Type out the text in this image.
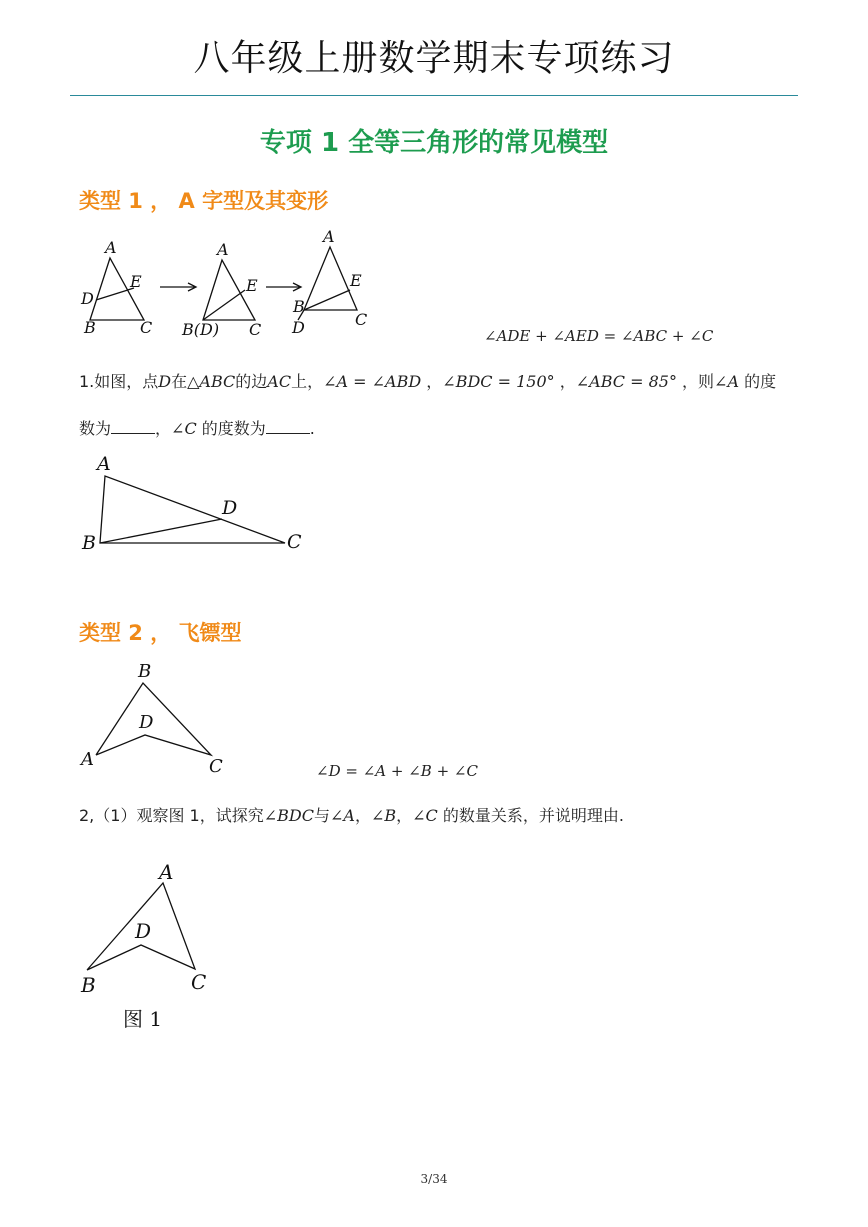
八年级上册数学期末专项练习
专项 1 全等三角形的常见模型
类型 1 ， A 字型及其变形
A
E
D
B	C
A
E
B(D) C
A
E
B
D	C
∠ADE + ∠AED = ∠ABC + ∠C
1.如图，点D在△ABC的边AC上，∠A = ∠ABD ，∠BDC = 150° ，∠ABC = 85° ，则∠A 的度
数为	，∠C 的度数为	.
A
B	C
D
类型 2 ， 飞镖型
B
D
A	C	∠D = ∠A + ∠B + ∠C
2,（1）观察图 1，试探究∠BDC与∠A，∠B，∠C 的数量关系，并说明理由.
A
D
B	C
图 1
3/34
